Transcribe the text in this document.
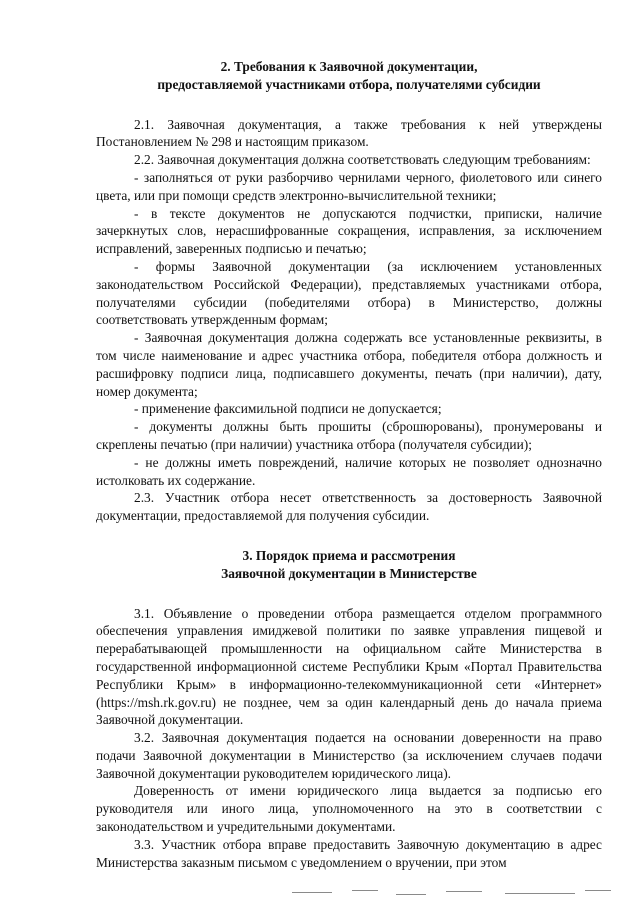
2. Требования к Заявочной документации,
предоставляемой участниками отбора, получателями субсидии

2.1. Заявочная документация, а также требования к ней утверждены Постановлением № 298 и настоящим приказом.

2.2. Заявочная документация должна соответствовать следующим требованиям:

- заполняться от руки разборчиво чернилами черного, фиолетового или синего цвета, или при помощи средств электронно-вычислительной техники;

- в тексте документов не допускаются подчистки, приписки, наличие зачеркнутых слов, нерасшифрованные сокращения, исправления, за исключением исправлений, заверенных подписью и печатью;

- формы Заявочной документации (за исключением установленных законодательством Российской Федерации), представляемых участниками отбора, получателями субсидии (победителями отбора) в Министерство, должны соответствовать утвержденным формам;

- Заявочная документация должна содержать все установленные реквизиты, в том числе наименование и адрес участника отбора, победителя отбора должность и расшифровку подписи лица, подписавшего документы, печать (при наличии), дату, номер документа;

- применение факсимильной подписи не допускается;

- документы должны быть прошиты (сброшюрованы), пронумерованы и скреплены печатью (при наличии) участника отбора (получателя субсидии);

- не должны иметь повреждений, наличие которых не позволяет однозначно истолковать их содержание.

2.3. Участник отбора несет ответственность за достоверность Заявочной документации, предоставляемой для получения субсидии.

3. Порядок приема и рассмотрения
Заявочной документации в Министерстве

3.1. Объявление о проведении отбора размещается отделом программного обеспечения управления имиджевой политики по заявке управления пищевой и перерабатывающей промышленности на официальном сайте Министерства в государственной информационной системе Республики Крым «Портал Правительства Республики Крым» в информационно-телекоммуникационной сети «Интернет» (https://msh.rk.gov.ru) не позднее, чем за один календарный день до начала приема Заявочной документации.

3.2. Заявочная документация подается на основании доверенности на право подачи Заявочной документации в Министерство (за исключением случаев подачи Заявочной документации руководителем юридического лица).

Доверенность от имени юридического лица выдается за подписью его руководителя или иного лица, уполномоченного на это в соответствии с законодательством и учредительными документами.

3.3. Участник отбора вправе предоставить Заявочную документацию в адрес Министерства заказным письмом с уведомлением о вручении, при этом
